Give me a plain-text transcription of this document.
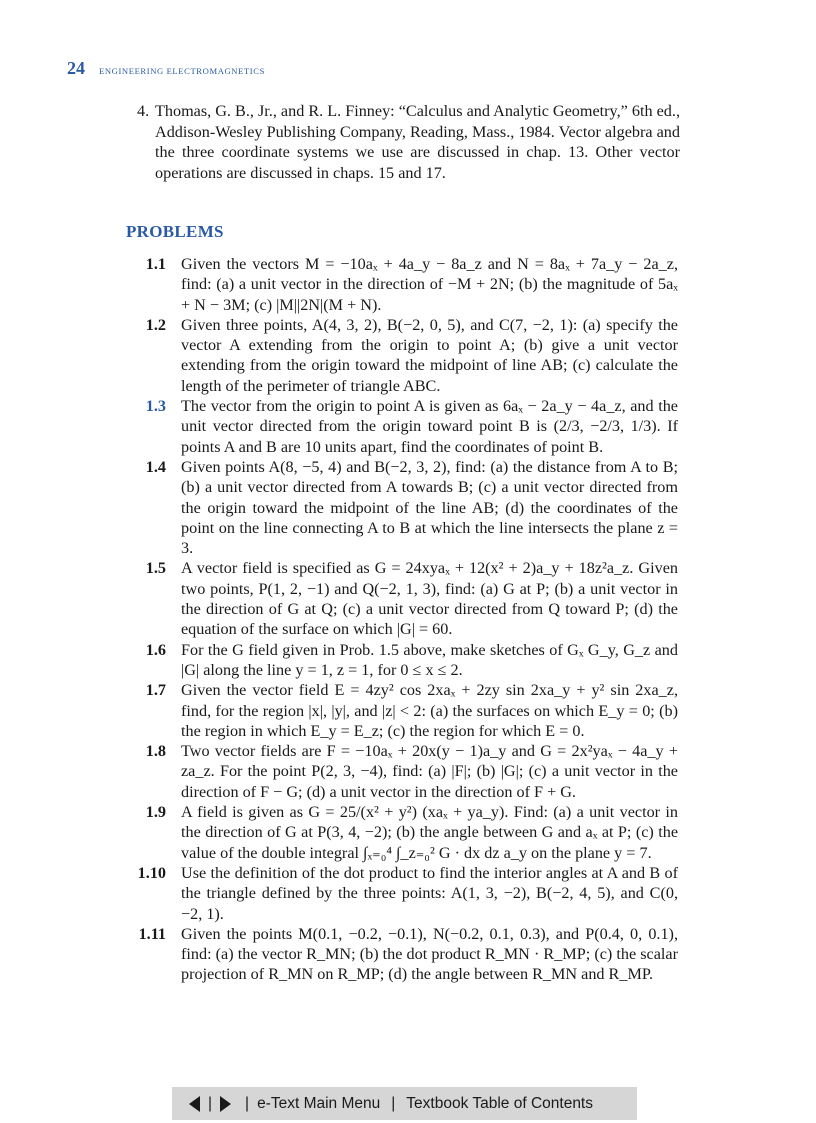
24 ENGINEERING ELECTROMAGNETICS
4. Thomas, G. B., Jr., and R. L. Finney: “Calculus and Analytic Geometry,” 6th ed., Addison-Wesley Publishing Company, Reading, Mass., 1984. Vector algebra and the three coordinate systems we use are discussed in chap. 13. Other vector operations are discussed in chaps. 15 and 17.
PROBLEMS
1.1 Given the vectors M = −10aₓ + 4a_y − 8a_z and N = 8aₓ + 7a_y − 2a_z, find: (a) a unit vector in the direction of −M + 2N; (b) the magnitude of 5aₓ + N − 3M; (c) |M||2N|(M + N).
1.2 Given three points, A(4, 3, 2), B(−2, 0, 5), and C(7, −2, 1): (a) specify the vector A extending from the origin to point A; (b) give a unit vector extending from the origin toward the midpoint of line AB; (c) calculate the length of the perimeter of triangle ABC.
1.3 The vector from the origin to point A is given as 6aₓ − 2a_y − 4a_z, and the unit vector directed from the origin toward point B is (2/3, −2/3, 1/3). If points A and B are 10 units apart, find the coordinates of point B.
1.4 Given points A(8, −5, 4) and B(−2, 3, 2), find: (a) the distance from A to B; (b) a unit vector directed from A towards B; (c) a unit vector directed from the origin toward the midpoint of the line AB; (d) the coordinates of the point on the line connecting A to B at which the line intersects the plane z = 3.
1.5 A vector field is specified as G = 24xyaₓ + 12(x² + 2)a_y + 18z²a_z. Given two points, P(1, 2, −1) and Q(−2, 1, 3), find: (a) G at P; (b) a unit vector in the direction of G at Q; (c) a unit vector directed from Q toward P; (d) the equation of the surface on which |G| = 60.
1.6 For the G field given in Prob. 1.5 above, make sketches of Gₓ G_y, G_z and |G| along the line y = 1, z = 1, for 0 ≤ x ≤ 2.
1.7 Given the vector field E = 4zy² cos 2xaₓ + 2zy sin 2xa_y + y² sin 2xa_z, find, for the region |x|, |y|, and |z| < 2: (a) the surfaces on which E_y = 0; (b) the region in which E_y = E_z; (c) the region for which E = 0.
1.8 Two vector fields are F = −10aₓ + 20x(y − 1)a_y and G = 2x²yaₓ − 4a_y + za_z. For the point P(2, 3, −4), find: (a) |F|; (b) |G|; (c) a unit vector in the direction of F − G; (d) a unit vector in the direction of F + G.
1.9 A field is given as G = 25/(x² + y²) (xaₓ + ya_y). Find: (a) a unit vector in the direction of G at P(3, 4, −2); (b) the angle between G and aₓ at P; (c) the value of the double integral ∫ₓ₌₀⁴ ∫_z₌₀² G · dx dz a_y on the plane y = 7.
1.10 Use the definition of the dot product to find the interior angles at A and B of the triangle defined by the three points: A(1, 3, −2), B(−2, 4, 5), and C(0, −2, 1).
1.11 Given the points M(0.1, −0.2, −0.1), N(−0.2, 0.1, 0.3), and P(0.4, 0, 0.1), find: (a) the vector R_MN; (b) the dot product R_MN · R_MP; (c) the scalar projection of R_MN on R_MP; (d) the angle between R_MN and R_MP.
| | e-Text Main Menu | Textbook Table of Contents
